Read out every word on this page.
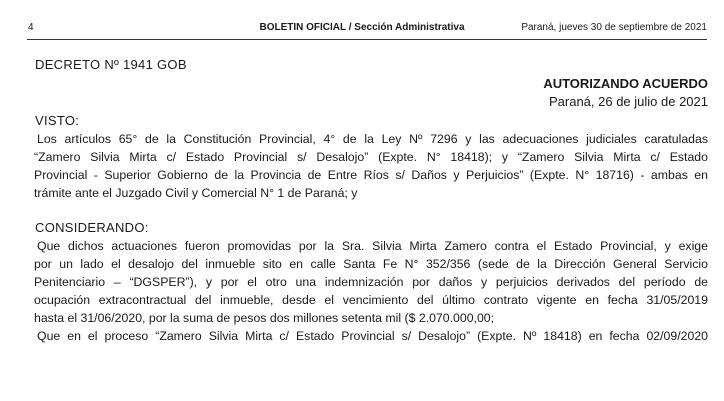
4	BOLETIN OFICIAL / Sección Administrativa	Paraná, jueves 30 de septiembre de 2021
DECRETO Nº 1941 GOB
AUTORIZANDO ACUERDO
Paraná, 26 de julio de 2021
VISTO:
Los artículos 65° de la Constitución Provincial, 4° de la Ley Nº 7296 y las adecuaciones judiciales caratuladas
“Zamero Silvia Mirta c/ Estado Provincial s/ Desalojo” (Expte. N° 18418); y “Zamero Silvia Mirta c/ Estado
Provincial - Superior Gobierno de la Provincia de Entre Ríos s/ Daños y Perjuicios” (Expte. N° 18716) - ambas en
trámite ante el Juzgado Civil y Comercial N° 1 de Paraná; y
CONSIDERANDO:
Que dichos actuaciones fueron promovidas por la Sra. Silvia Mirta Zamero contra el Estado Provincial, y exige
por un lado el desalojo del inmueble sito en calle Santa Fe N° 352/356 (sede de la Dirección General Servicio
Penitenciario – “DGSPER”), y por el otro una indemnización por daños y perjuicios derivados del período de
ocupación extracontractual del inmueble, desde el vencimiento del último contrato vigente en fecha 31/05/2019
hasta el 31/06/2020, por la suma de pesos dos millones setenta mil ($ 2.070.000,00;
Que en el proceso “Zamero Silvia Mirta c/ Estado Provincial s/ Desalojo” (Expte. Nº 18418) en fecha 02/09/2020
